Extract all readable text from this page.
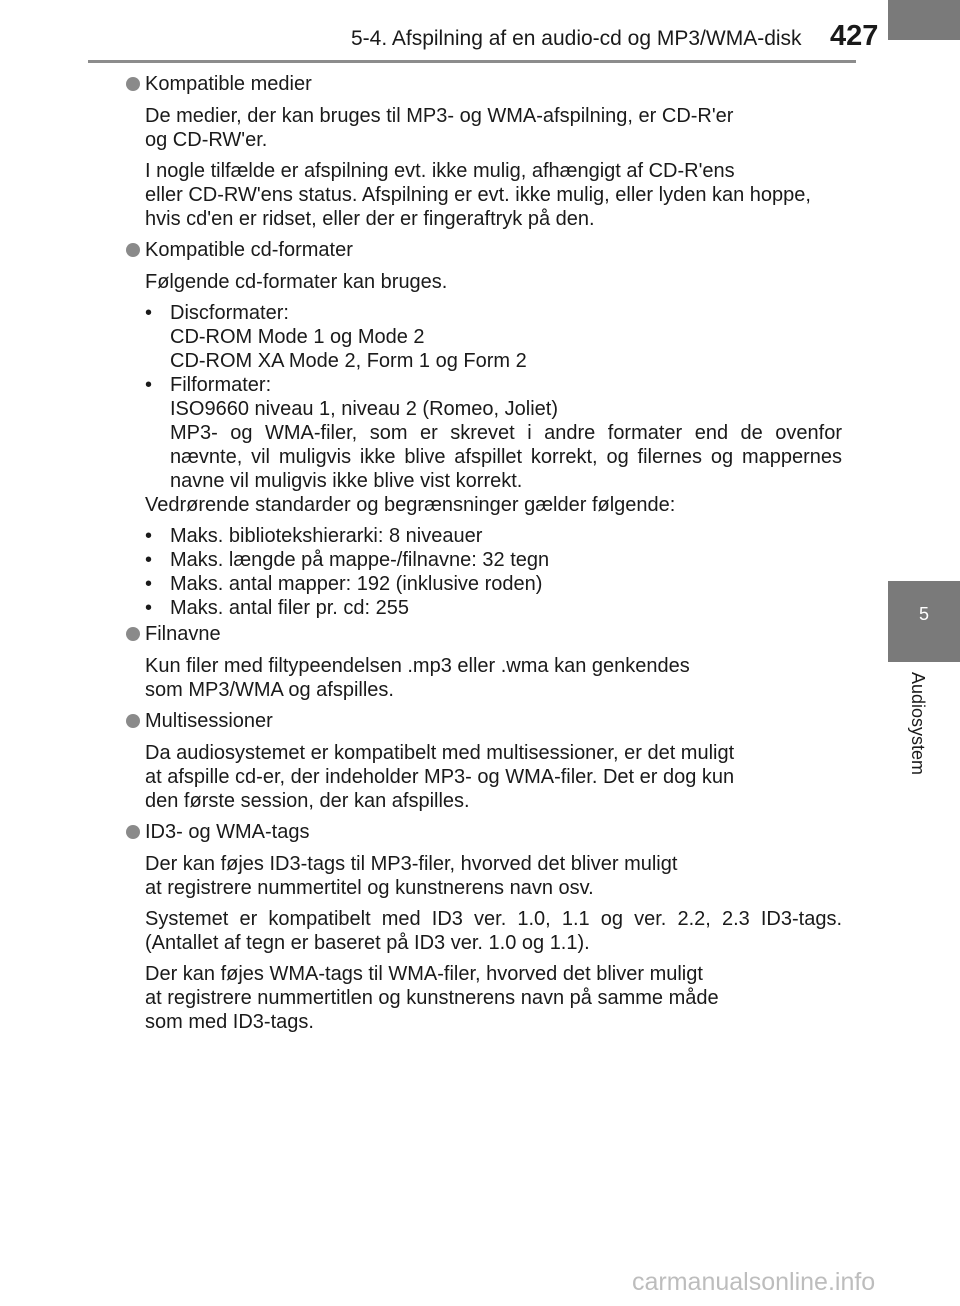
5-4. Afspilning af en audio-cd og MP3/WMA-disk 427
5
Audiosystem
Kompatible medier
De medier, der kan bruges til MP3- og WMA-afspilning, er CD-R'er
og CD-RW'er.
I nogle tilfælde er afspilning evt. ikke mulig, afhængigt af CD-R'ens
eller CD-RW'ens status. Afspilning er evt. ikke mulig, eller lyden kan hoppe,
hvis cd'en er ridset, eller der er fingeraftryk på den.
Kompatible cd-formater
Følgende cd-formater kan bruges.
• Discformater:
CD-ROM Mode 1 og Mode 2
CD-ROM XA Mode 2, Form 1 og Form 2
• Filformater:
ISO9660 niveau 1, niveau 2 (Romeo, Joliet)
MP3- og WMA-filer, som er skrevet i andre formater end de ovenfor nævnte, vil muligvis ikke blive afspillet korrekt, og filernes og mappernes navne vil muligvis ikke blive vist korrekt.
Vedrørende standarder og begrænsninger gælder følgende:
• Maks. bibliotekshierarki: 8 niveauer
• Maks. længde på mappe-/filnavne: 32 tegn
• Maks. antal mapper: 192 (inklusive roden)
• Maks. antal filer pr. cd: 255
Filnavne
Kun filer med filtypeendelsen .mp3 eller .wma kan genkendes
som MP3/WMA og afspilles.
Multisessioner
Da audiosystemet er kompatibelt med multisessioner, er det muligt
at afspille cd-er, der indeholder MP3- og WMA-filer. Det er dog kun
den første session, der kan afspilles.
ID3- og WMA-tags
Der kan føjes ID3-tags til MP3-filer, hvorved det bliver muligt
at registrere nummertitel og kunstnerens navn osv.
Systemet er kompatibelt med ID3 ver. 1.0, 1.1 og ver. 2.2, 2.3 ID3-tags. (Antallet af tegn er baseret på ID3 ver. 1.0 og 1.1).
Der kan føjes WMA-tags til WMA-filer, hvorved det bliver muligt
at registrere nummertitlen og kunstnerens navn på samme måde
som med ID3-tags.
carmanualsonline.info
